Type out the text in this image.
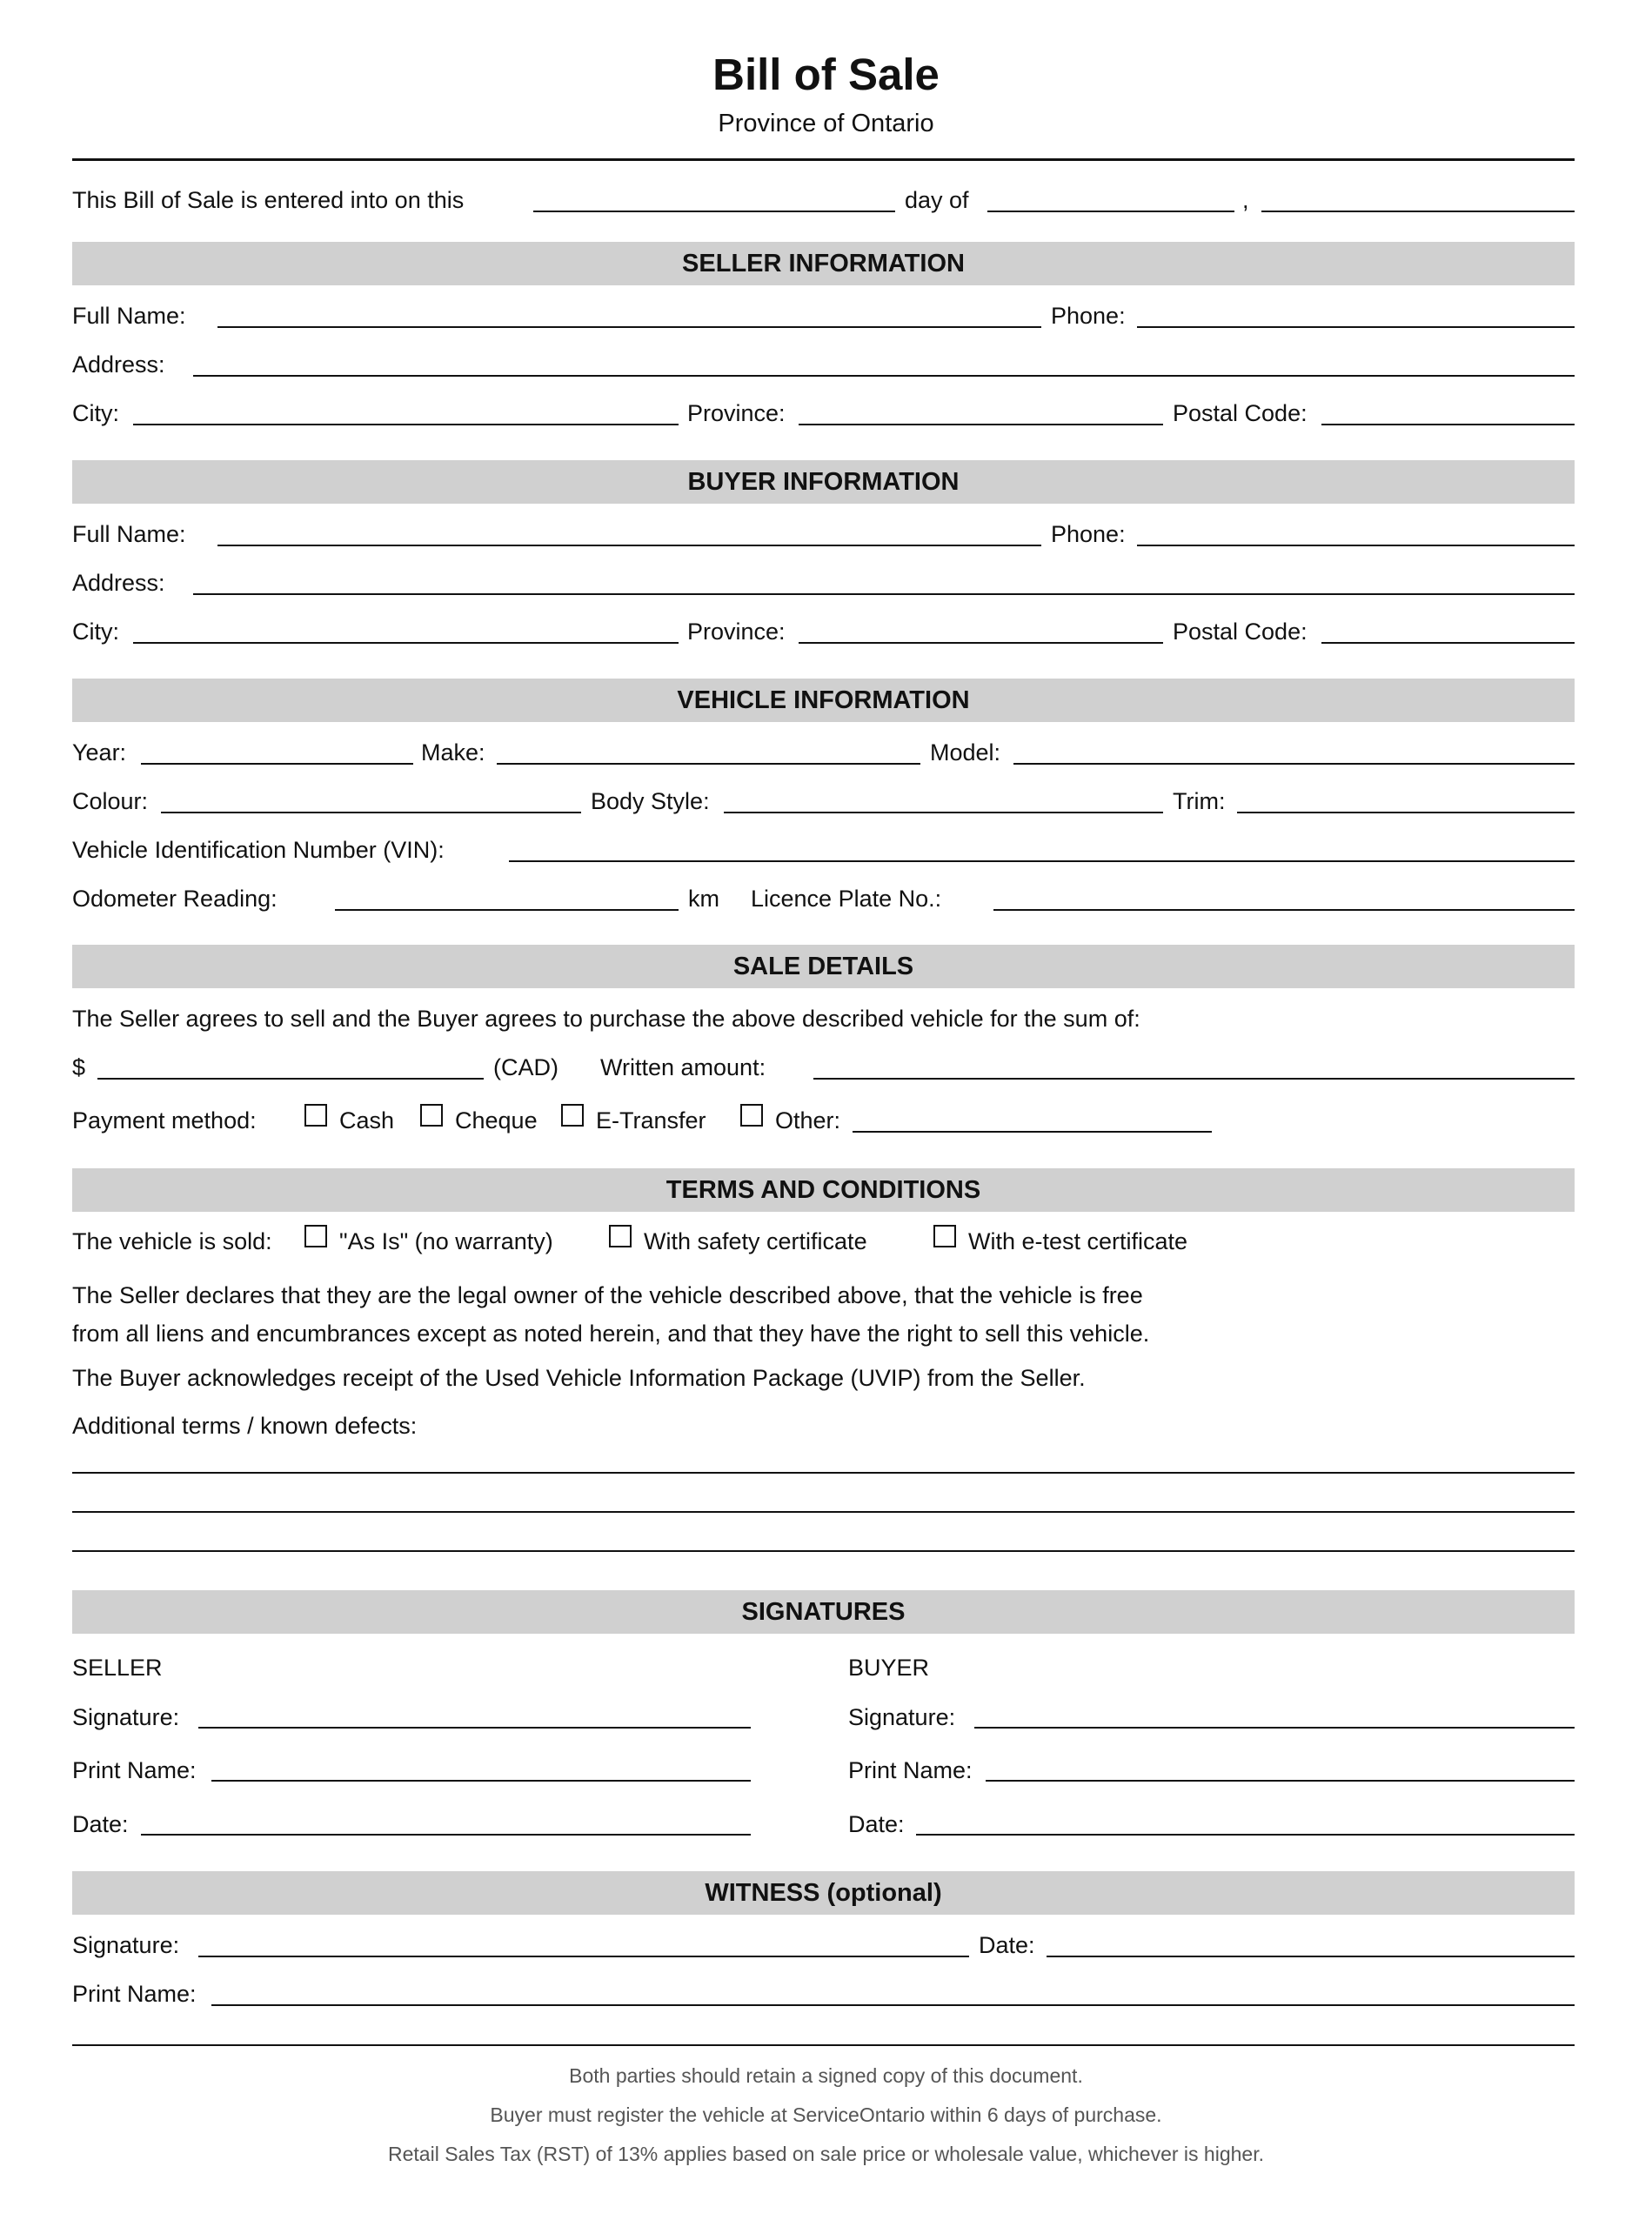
Bill of Sale
Province of Ontario
This Bill of Sale is entered into on this	day of	,
SELLER INFORMATION
Full Name:	Phone:
Address:
City:	Province:	Postal Code:
BUYER INFORMATION
Full Name:	Phone:
Address:
City:	Province:	Postal Code:
VEHICLE INFORMATION
Year:	Make:	Model:
Colour:	Body Style:	Trim:
Vehicle Identification Number (VIN):
Odometer Reading:	km Licence Plate No.:
SALE DETAILS
The Seller agrees to sell and the Buyer agrees to purchase the above described vehicle for the sum of:
$	(CAD) Written amount:
Payment method:	Cash	Cheque E-Transfer	Other:
TERMS AND CONDITIONS
The vehicle is sold:	"As Is" (no warranty)	With safety certificate	With e-test certificate
The Seller declares that they are the legal owner of the vehicle described above, that the vehicle is free
from all liens and encumbrances except as noted herein, and that they have the right to sell this vehicle.
The Buyer acknowledges receipt of the Used Vehicle Information Package (UVIP) from the Seller.
Additional terms / known defects:
SIGNATURES
SELLER	BUYER
Signature:	Signature:
Print Name:	Print Name:
Date:	Date:
WITNESS (optional)
Signature:	Date:
Print Name:
Both parties should retain a signed copy of this document.
Buyer must register the vehicle at ServiceOntario within 6 days of purchase.
Retail Sales Tax (RST) of 13% applies based on sale price or wholesale value, whichever is higher.
